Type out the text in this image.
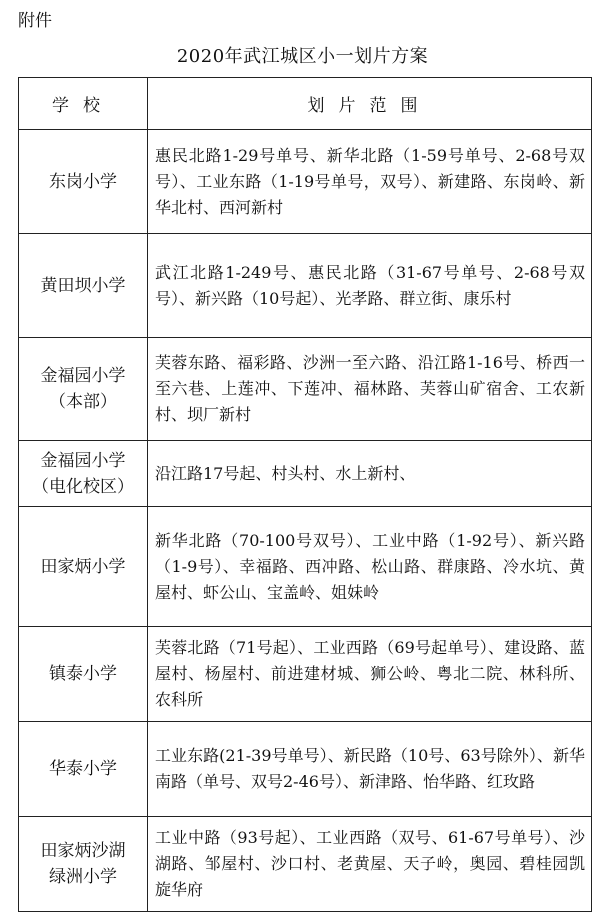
附件
2020年武江城区小一划片方案
学校	划片范围
东岗小学	惠民北路1-29号单号、新华北路（1-59号单号、2-68号双号）、工业东路（1-19号单号，双号）、新建路、东岗岭、新华北村、西河新村
黄田坝小学	武江北路1-249号、惠民北路（31-67号单号、2-68号双号）、新兴路（10号起）、光孝路、群立街、康乐村
金福园小学
（本部）	芙蓉东路、福彩路、沙洲一至六路、沿江路1-16号、桥西一至六巷、上莲冲、下莲冲、福林路、芙蓉山矿宿舍、工农新村、坝厂新村
金福园小学
（电化校区）	沿江路17号起、村头村、水上新村、
田家炳小学	新华北路（70-100号双号）、工业中路（1-92号）、新兴路（1-9号）、幸福路、西冲路、松山路、群康路、冷水坑、黄屋村、虾公山、宝盖岭、姐妹岭
镇泰小学	芙蓉北路（71号起）、工业西路（69号起单号）、建设路、蓝屋村、杨屋村、前进建材城、狮公岭、粤北二院、林科所、农科所
华泰小学	工业东路(21-39号单号）、新民路（10号、63号除外）、新华南路（单号、双号2-46号）、新津路、怡华路、红玫路
田家炳沙湖
绿洲小学	工业中路（93号起）、工业西路（双号、61-67号单号）、沙湖路、邹屋村、沙口村、老黄屋、天子岭，奥园、碧桂园凯旋华府
